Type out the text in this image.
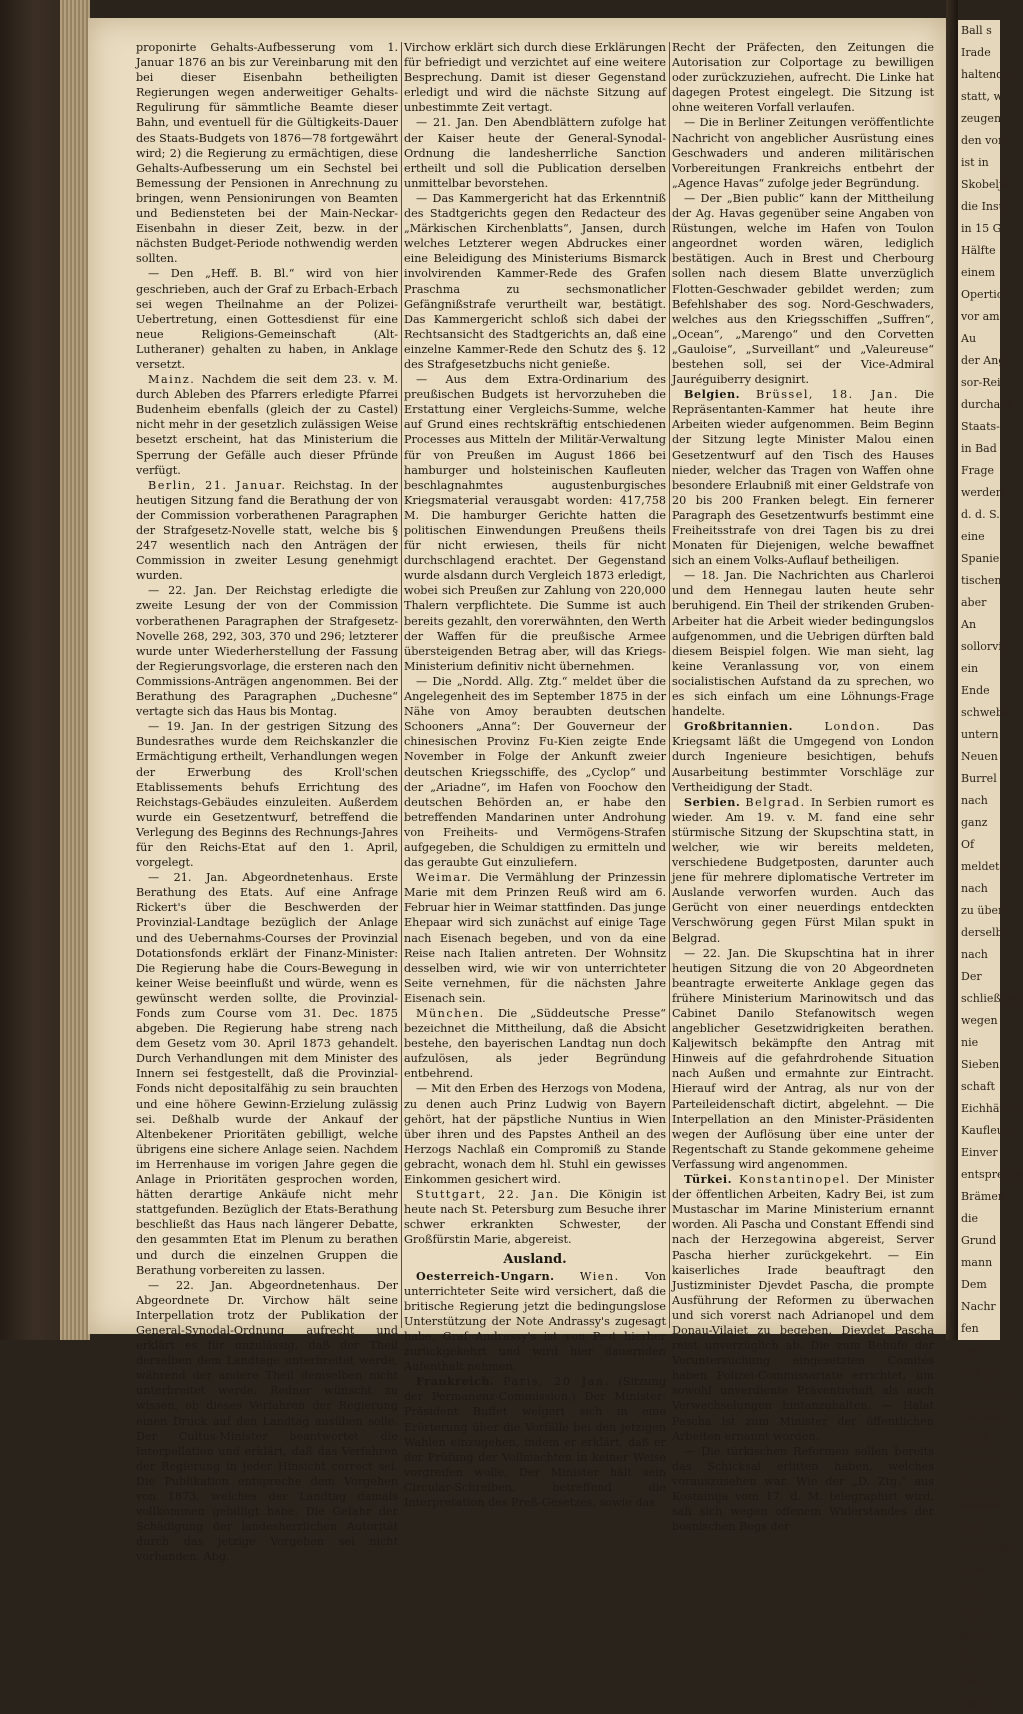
proponirte Gehalts-Aufbesserung vom 1. Januar 1876 an bis zur Vereinbarung mit den bei dieser Eisenbahn betheiligten Regierungen wegen anderweitiger Gehalts-Regulirung für sämmtliche Beamte dieser Bahn, und eventuell für die Gültigkeits-Dauer des Staats-Budgets von 1876—78 fortgewährt wird; 2) die Regierung zu ermächtigen, diese Gehalts-Aufbesserung um ein Sechstel bei Bemessung der Pensionen in Anrechnung zu bringen, wenn Pensionirungen von Beamten und Bediensteten bei der Main-Neckar-Eisenbahn in dieser Zeit, bezw. in der nächsten Budget-Periode nothwendig werden sollten.

— Den „Heff. B. Bl.“ wird von hier geschrieben, auch der Graf zu Erbach-Erbach sei wegen Theilnahme an der Polizei-Uebertretung, einen Gottesdienst für eine neue Religions-Gemeinschaft (Alt-Lutheraner) gehalten zu haben, in Anklage versetzt.

Mainz. Nachdem die seit dem 23. v. M. durch Ableben des Pfarrers erledigte Pfarrei Budenheim ebenfalls (gleich der zu Castel) nicht mehr in der gesetzlich zulässigen Weise besetzt erscheint, hat das Ministerium die Sperrung der Gefälle auch dieser Pfründe verfügt.

Berlin, 21. Januar. Reichstag. In der heutigen Sitzung fand die Berathung der von der Commission vorberathenen Paragraphen der Strafgesetz-Novelle statt, welche bis § 247 wesentlich nach den Anträgen der Commission in zweiter Lesung genehmigt wurden.

— 22. Jan. Der Reichstag erledigte die zweite Lesung der von der Commission vorberathenen Paragraphen der Strafgesetz-Novelle 268, 292, 303, 370 und 296; letzterer wurde unter Wiederherstellung der Fassung der Regierungsvorlage, die ersteren nach den Commissions-Anträgen angenommen. Bei der Berathung des Paragraphen „Duchesne“ vertagte sich das Haus bis Montag.

— 19. Jan. In der gestrigen Sitzung des Bundesrathes wurde dem Reichskanzler die Ermächtigung ertheilt, Verhandlungen wegen der Erwerbung des Kroll'schen Etablissements behufs Errichtung des Reichstags-Gebäudes einzuleiten. Außerdem wurde ein Gesetzentwurf, betreffend die Verlegung des Beginns des Rechnungs-Jahres für den Reichs-Etat auf den 1. April, vorgelegt.

— 21. Jan. Abgeordnetenhaus. Erste Berathung des Etats. Auf eine Anfrage Rickert's über die Beschwerden der Provinzial-Landtage bezüglich der Anlage und des Uebernahms-Courses der Provinzial Dotationsfonds erklärt der Finanz-Minister: Die Regierung habe die Cours-Bewegung in keiner Weise beeinflußt und würde, wenn es gewünscht werden sollte, die Provinzial-Fonds zum Course vom 31. Dec. 1875 abgeben. Die Regierung habe streng nach dem Gesetz vom 30. April 1873 gehandelt. Durch Verhandlungen mit dem Minister des Innern sei festgestellt, daß die Provinzial-Fonds nicht depositalfähig zu sein brauchten und eine höhere Gewinn-Erzielung zulässig sei. Deßhalb wurde der Ankauf der Altenbekener Prioritäten gebilligt, welche übrigens eine sichere Anlage seien. Nachdem im Herrenhause im vorigen Jahre gegen die Anlage in Prioritäten gesprochen worden, hätten derartige Ankäufe nicht mehr stattgefunden. Bezüglich der Etats-Berathung beschließt das Haus nach längerer Debatte, den gesammten Etat im Plenum zu berathen und durch die einzelnen Gruppen die Berathung vorbereiten zu lassen.

— 22. Jan. Abgeordnetenhaus. Der Abgeordnete Dr. Virchow hält seine Interpellation trotz der Publikation der General-Synodal-Ordnung aufrecht und erklärt es für unzulässig, daß der Theil derselben dem Landtage unterbreitet werde, während der andere Theil demselben nicht unterbreitet werde. Redner wünscht zu wissen, ob dieses Verfahren der Regierung einen Druck auf den Landtag ausüben solle. Der Cultus-Minister beantwortet die Interpellation und erklärt, daß das Verfahren der Regierung in jeder Hinsicht correct sei. Die Publikation entspreche dem Vorgehen von 1873, welches der Landtag damals vollkommen gebilligt habe. Die Gefahr der Schädigung der landesherrlichen Autorität durch das jetzige Vorgehen sei nicht vorhanden. Abg.

Virchow erklärt sich durch diese Erklärungen für befriedigt und verzichtet auf eine weitere Besprechung. Damit ist dieser Gegenstand erledigt und wird die nächste Sitzung auf unbestimmte Zeit vertagt.

— 21. Jan. Den Abendblättern zufolge hat der Kaiser heute der General-Synodal-Ordnung die landesherrliche Sanction ertheilt und soll die Publication derselben unmittelbar bevorstehen.

— Das Kammergericht hat das Erkenntniß des Stadtgerichts gegen den Redacteur des „Märkischen Kirchenblatts“, Jansen, durch welches Letzterer wegen Abdruckes einer eine Beleidigung des Ministeriums Bismarck involvirenden Kammer-Rede des Grafen Praschma zu sechsmonatlicher Gefängnißstrafe verurtheilt war, bestätigt. Das Kammergericht schloß sich dabei der Rechtsansicht des Stadtgerichts an, daß eine einzelne Kammer-Rede den Schutz des §. 12 des Strafgesetzbuchs nicht genieße.

— Aus dem Extra-Ordinarium des preußischen Budgets ist hervorzuheben die Erstattung einer Vergleichs-Summe, welche auf Grund eines rechtskräftig entschiedenen Processes aus Mitteln der Militär-Verwaltung für von Preußen im August 1866 bei hamburger und holsteinischen Kaufleuten beschlagnahmtes augustenburgisches Kriegsmaterial verausgabt worden: 417,758 M. Die hamburger Gerichte hatten die politischen Einwendungen Preußens theils für nicht erwiesen, theils für nicht durchschlagend erachtet. Der Gegenstand wurde alsdann durch Vergleich 1873 erledigt, wobei sich Preußen zur Zahlung von 220,000 Thalern verpflichtete. Die Summe ist auch bereits gezahlt, den vorerwähnten, den Werth der Waffen für die preußische Armee übersteigenden Betrag aber, will das Kriegs-Ministerium definitiv nicht übernehmen.

— Die „Nordd. Allg. Ztg.“ meldet über die Angelegenheit des im September 1875 in der Nähe von Amoy beraubten deutschen Schooners „Anna“: Der Gouverneur der chinesischen Provinz Fu-Kien zeigte Ende November in Folge der Ankunft zweier deutschen Kriegsschiffe, des „Cyclop“ und der „Ariadne“, im Hafen von Foochow den deutschen Behörden an, er habe den betreffenden Mandarinen unter Androhung von Freiheits- und Vermögens-Strafen aufgegeben, die Schuldigen zu ermitteln und das geraubte Gut einzuliefern.

Weimar. Die Vermählung der Prinzessin Marie mit dem Prinzen Reuß wird am 6. Februar hier in Weimar stattfinden. Das junge Ehepaar wird sich zunächst auf einige Tage nach Eisenach begeben, und von da eine Reise nach Italien antreten. Der Wohnsitz desselben wird, wie wir von unterrichteter Seite vernehmen, für die nächsten Jahre Eisenach sein.

München. Die „Süddeutsche Presse“ bezeichnet die Mittheilung, daß die Absicht bestehe, den bayerischen Landtag nun doch aufzulösen, als jeder Begründung entbehrend.

— Mit den Erben des Herzogs von Modena, zu denen auch Prinz Ludwig von Bayern gehört, hat der päpstliche Nuntius in Wien über ihren und des Papstes Antheil an des Herzogs Nachlaß ein Compromiß zu Stande gebracht, wonach dem hl. Stuhl ein gewisses Einkommen gesichert wird.

Stuttgart, 22. Jan. Die Königin ist heute nach St. Petersburg zum Besuche ihrer schwer erkrankten Schwester, der Großfürstin Marie, abgereist.

Ausland.

Oesterreich-Ungarn. Wien. Von unterrichteter Seite wird versichert, daß die britische Regierung jetzt die bedingungslose Unterstützung der Note Andrassy's zugesagt habe. Graf Andrassy's ist von Pest hierher zurückgekehrt und wird hier dauernden Aufenthalt nehmen.

Frankreich. Paris, 20 Jan. (Sitzung der Permanenz-Commission.) Der Minister-Präsident Buffet weigert sich in eine Erörterung über die Vorfälle bei den jetzigen Wahlen einzugehen, indem er erklärt, daß er der Prüfung der Vollmachten in keiner Weise vorgreifen wolle. Der Minister hält sein Circular-Schreiben, betreffend die Interpretation des Preß-Gesetzes, sowie das

Recht der Präfecten, den Zeitungen die Autorisation zur Colportage zu bewilligen oder zurückzuziehen, aufrecht. Die Linke hat dagegen Protest eingelegt. Die Sitzung ist ohne weiteren Vorfall verlaufen.

— Die in Berliner Zeitungen veröffentlichte Nachricht von angeblicher Ausrüstung eines Geschwaders und anderen militärischen Vorbereitungen Frankreichs entbehrt der „Agence Havas“ zufolge jeder Begründung.

— Der „Bien public“ kann der Mittheilung der Ag. Havas gegenüber seine Angaben von Rüstungen, welche im Hafen von Toulon angeordnet worden wären, lediglich bestätigen. Auch in Brest und Cherbourg sollen nach diesem Blatte unverzüglich Flotten-Geschwader gebildet werden; zum Befehlshaber des sog. Nord-Geschwaders, welches aus den Kriegsschiffen „Suffren“, „Ocean“, „Marengo“ und den Corvetten „Gauloise“, „Surveillant“ und „Valeureuse“ bestehen soll, sei der Vice-Admiral Jauréguiberry designirt.

Belgien. Brüssel, 18. Jan. Die Repräsentanten-Kammer hat heute ihre Arbeiten wieder aufgenommen. Beim Beginn der Sitzung legte Minister Malou einen Gesetzentwurf auf den Tisch des Hauses nieder, welcher das Tragen von Waffen ohne besondere Erlaubniß mit einer Geldstrafe von 20 bis 200 Franken belegt. Ein fernerer Paragraph des Gesetzentwurfs bestimmt eine Freiheitsstrafe von drei Tagen bis zu drei Monaten für Diejenigen, welche bewaffnet sich an einem Volks-Auflauf betheiligen.

— 18. Jan. Die Nachrichten aus Charleroi und dem Hennegau lauten heute sehr beruhigend. Ein Theil der strikenden Gruben-Arbeiter hat die Arbeit wieder bedingungslos aufgenommen, und die Uebrigen dürften bald diesem Beispiel folgen. Wie man sieht, lag keine Veranlassung vor, von einem socialistischen Aufstand da zu sprechen, wo es sich einfach um eine Löhnungs-Frage handelte.

Großbritannien.	London.	Das Kriegsamt läßt die Umgegend von London durch Ingenieure besichtigen, behufs Ausarbeitung bestimmter Vorschläge zur Vertheidigung der Stadt.

Serbien. Belgrad. In Serbien rumort es wieder. Am 19. v. M. fand eine sehr stürmische Sitzung der Skupschtina statt, in welcher, wie wir bereits meldeten, verschiedene Budgetposten, darunter auch jene für mehrere diplomatische Vertreter im Auslande verworfen wurden. Auch das Gerücht von einer neuerdings entdeckten Verschwörung gegen Fürst Milan spukt in Belgrad.

— 22. Jan. Die Skupschtina hat in ihrer heutigen Sitzung die von 20 Abgeordneten beantragte erweiterte Anklage gegen das frühere Ministerium Marinowitsch und das Cabinet Danilo Stefanowitsch wegen angeblicher Gesetzwidrigkeiten berathen. Kaljewitsch bekämpfte den Antrag mit Hinweis auf die gefahrdrohende Situation nach Außen und ermahnte zur Eintracht. Hierauf wird der Antrag, als nur von der Parteileidenschaft dictirt, abgelehnt. — Die Interpellation an den Minister-Präsidenten wegen der Auflösung über eine unter der Regentschaft zu Stande gekommene geheime Verfassung wird angenommen.

Türkei. Konstantinopel. Der Minister der öffentlichen Arbeiten, Kadry Bei, ist zum Mustaschar im Marine Ministerium ernannt worden. Ali Pascha und Constant Effendi sind nach der Herzegowina abgereist, Server Pascha hierher zurückgekehrt. — Ein kaiserliches Irade beauftragt den Justizminister Djevdet Pascha, die prompte Ausführung der Reformen zu überwachen und sich vorerst nach Adrianopel und dem Donau-Vilajet zu begeben. Djevdet Pascha reist unverzüglich ab. Die zum Behufe der Voruntersuchung eingesetzten Comités haben Polizei-Commissariate errichtet, um sowohl unverdiente Präventivhaft als auch Verwechselungen hintanzuhalten. — Halat Pascha ist zum Minister der öffentlichen Arbeiten ernannt worden.

— Die türkischen Reformen sollen bereits das Schicksal erlitten haben, welches vorauszusehen war. Wie der „D. Ztg.“ aus Kostainija vom 17. d. M. telegraphirt wird, sah sich wegen offenem Widerstandes der bosnischen Begs der

Ball s

Irade

haltende

statt, w

zeugen

den vor

ist in

Skobelje

die Insu

in 15 G

Hälfte

einem

Opertio

vor am

Au

der Ang

sor-Rei

durchaus

Staats-

in Bad

Frage

werden

d. d. S.

eine

Spanie

tischen

aber

An

sollorvis

ein

Ende

schwebe

untern

Neuen

Burrel

nach

ganz

Of

meldete

nach

zu über

derselbe

nach

Der

schließung

wegen

nie

Sieben

schaft

Eichhäuse

Kaufleute

Einver

entspreche

Brämen

die

Grund

mann

Dem

Nachr

fen

Def

2.9. Ja

sächsisch

Gläubig

stock

Einrich

Vekan

ausübe

Ben

Dezember

dem

Sin

Fre

Rich

Ve

Die

rigen
